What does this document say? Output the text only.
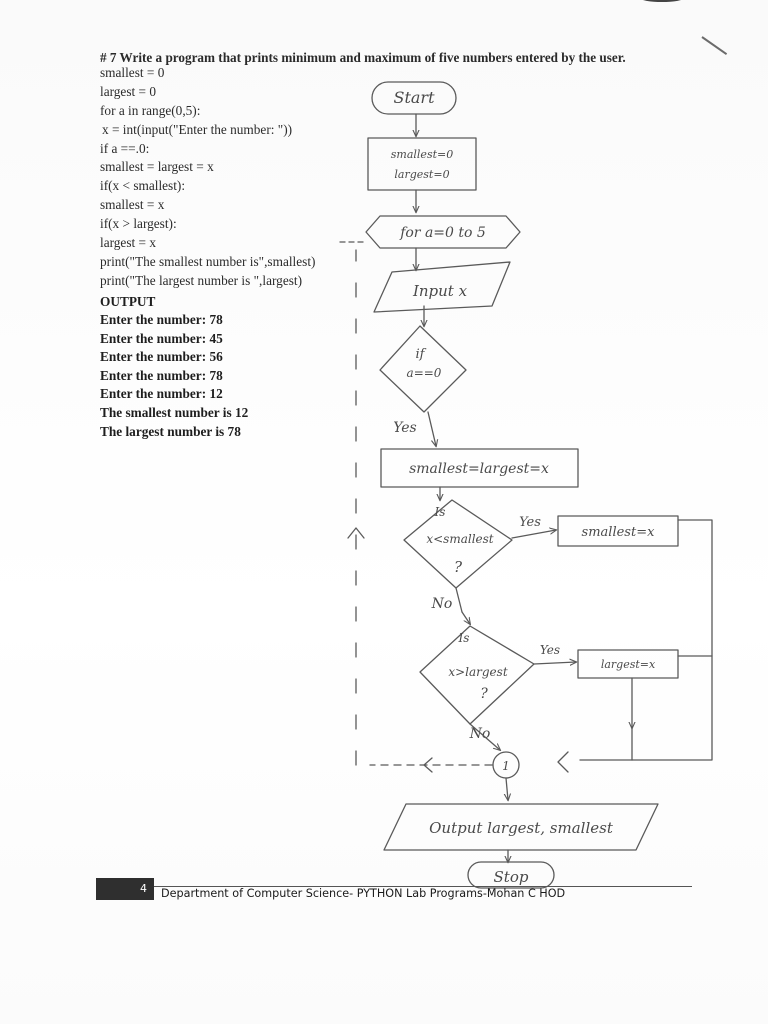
# 7 Write a program that prints minimum and maximum of five numbers entered by the user.
smallest = 0
largest = 0
for a in range(0,5):
x = int(input("Enter the number: "))
if a ==.0:
smallest = largest = x
if(x < smallest):
smallest = x
if(x > largest):
largest = x
print("The smallest number is",smallest)
print("The largest number is ",largest)
OUTPUT
Enter the number: 78
Enter the number: 45
Enter the number: 56
Enter the number: 78
Enter the number: 12
The smallest number is 12
The largest number is 78
Start
smallest=0
largest=0
for a=0 to 5
Input x
if
a==0
Yes
smallest=largest=x
Is
x<smallest
?
Yes
smallest=x
No
Is
x>largest
?
Yes
largest=x
No
1
Output largest, smallest
Stop
4	Department of Computer Science- PYTHON Lab Programs-Mohan C HOD
